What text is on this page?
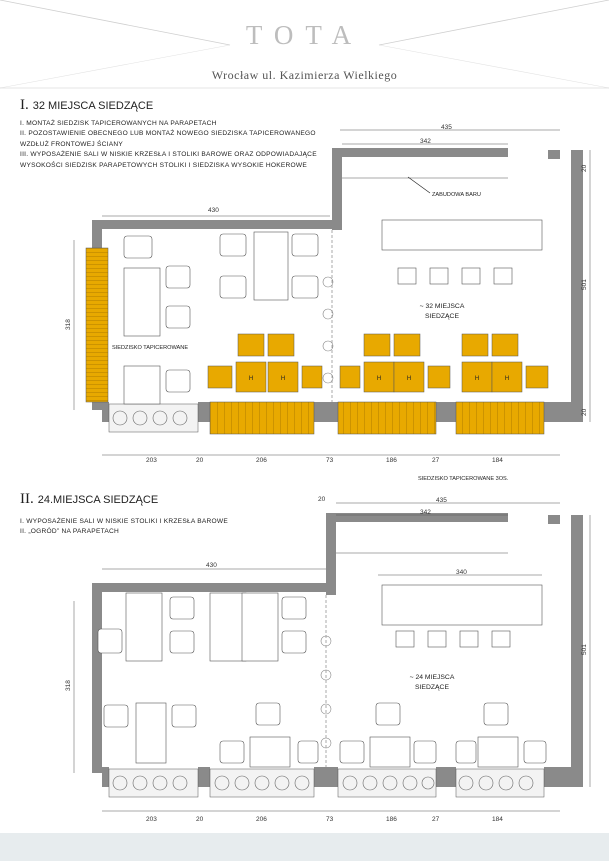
TOTA
Wrocław ul. Kazimierza Wielkiego
I. 32 MIEJSCA SIEDZĄCE

I. MONTAŻ SIEDZISK TAPICEROWANYCH NA PARAPETACH

II. POZOSTAWIENIE OBECNEGO LUB MONTAŻ NOWEGO SIEDZISKA TAPICEROWANEGO WZDŁUŻ FRONTOWEJ ŚCIANY

III. WYPOSAŻENIE SALI W NISKIE KRZESŁA I STOLIKI BAROWE ORAZ ODPOWIADAJĄCE WYSOKOŚCI SIEDZISK PARAPETOWYCH STOLIKI I SIEDZISKA WYSOKIE HOKEROWE

H	H	H	H	H	H
435
342
430
20
501
20
318
203	20	206	73	186	27	184
ZABUDOWA BARU
SIEDZISKO TAPICEROWANE
SIEDZISKO TAPICEROWANE 3OS.
~ 32 MIEJSCA
SIEDZĄCE
II. 24.MIEJSCA SIEDZĄCE

I. WYPOSAŻENIE SALI W NISKIE STOLIKI I KRZESŁA BAROWE

II. „OGRÓD” NA PARAPETACH

20	435
342
340
430
501
318
203	20	206	73	186	27	184
~ 24 MIEJSCA
SIEDZĄCE
